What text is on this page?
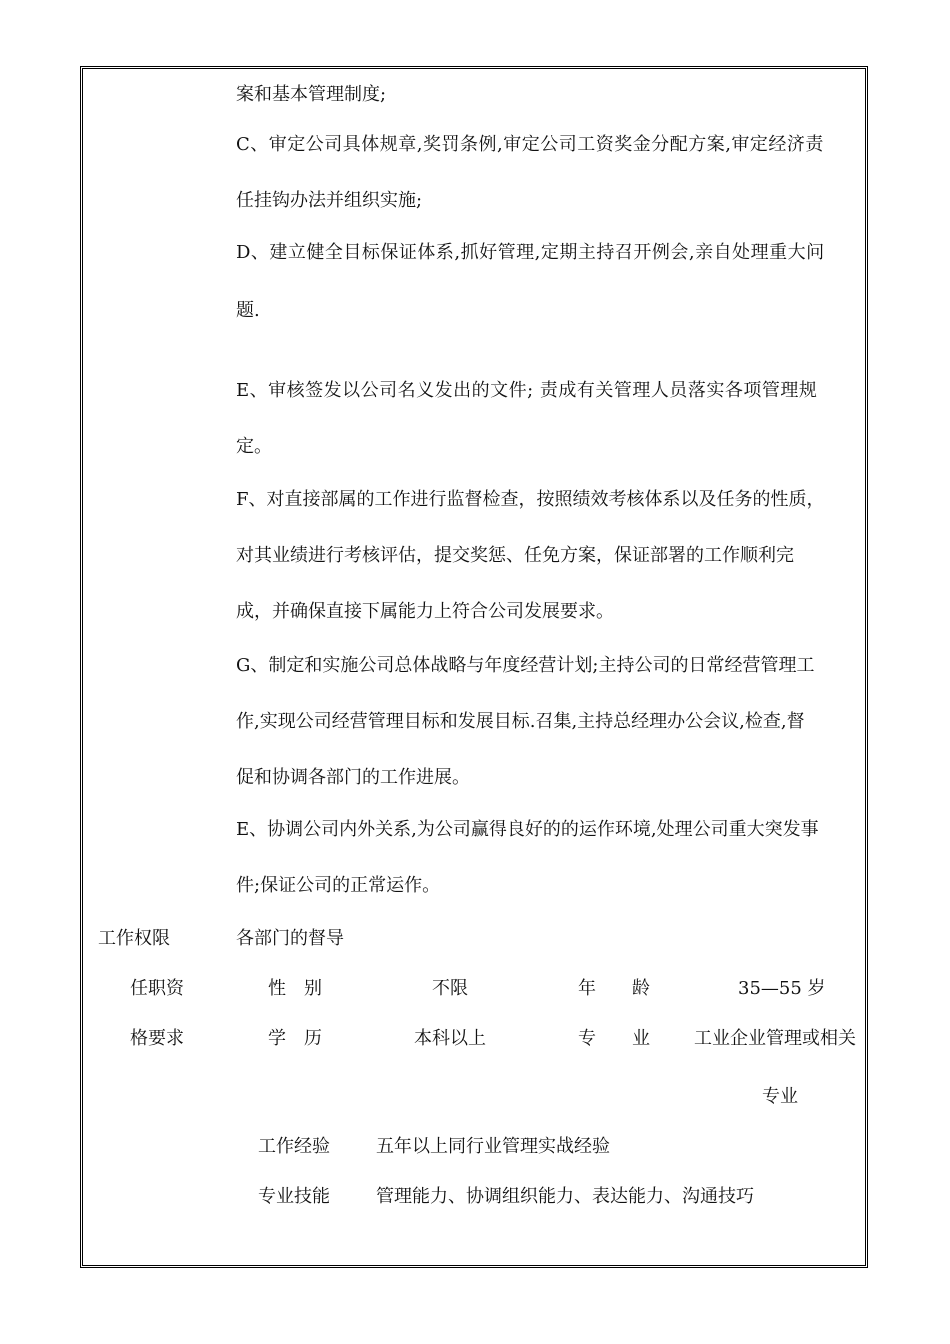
案和基本管理制度;
C、审定公司具体规章,奖罚条例,审定公司工资奖金分配方案,审定经济责
任挂钩办法并组织实施;
D、建立健全目标保证体系,抓好管理,定期主持召开例会,亲自处理重大问
题.
E、审核签发以公司名义发出的文件; 责成有关管理人员落实各项管理规
定。
F、对直接部属的工作进行监督检查，按照绩效考核体系以及任务的性质，
对其业绩进行考核评估，提交奖惩、任免方案，保证部署的工作顺利完
成，并确保直接下属能力上符合公司发展要求。
G、制定和实施公司总体战略与年度经营计划;主持公司的日常经营管理工
作,实现公司经营管理目标和发展目标.召集,主持总经理办公会议,检查,督
促和协调各部门的工作进展。
E、协调公司内外关系,为公司赢得良好的的运作环境,处理公司重大突发事
件;保证公司的正常运作。
工作权限	各部门的督导
任职资
格要求
性　别	不限	年　　龄	35—55 岁
学　历	本科以上	专　　业 工业企业管理或相关
专业
工作经验	五年以上同行业管理实战经验
专业技能	管理能力、协调组织能力、表达能力、沟通技巧
